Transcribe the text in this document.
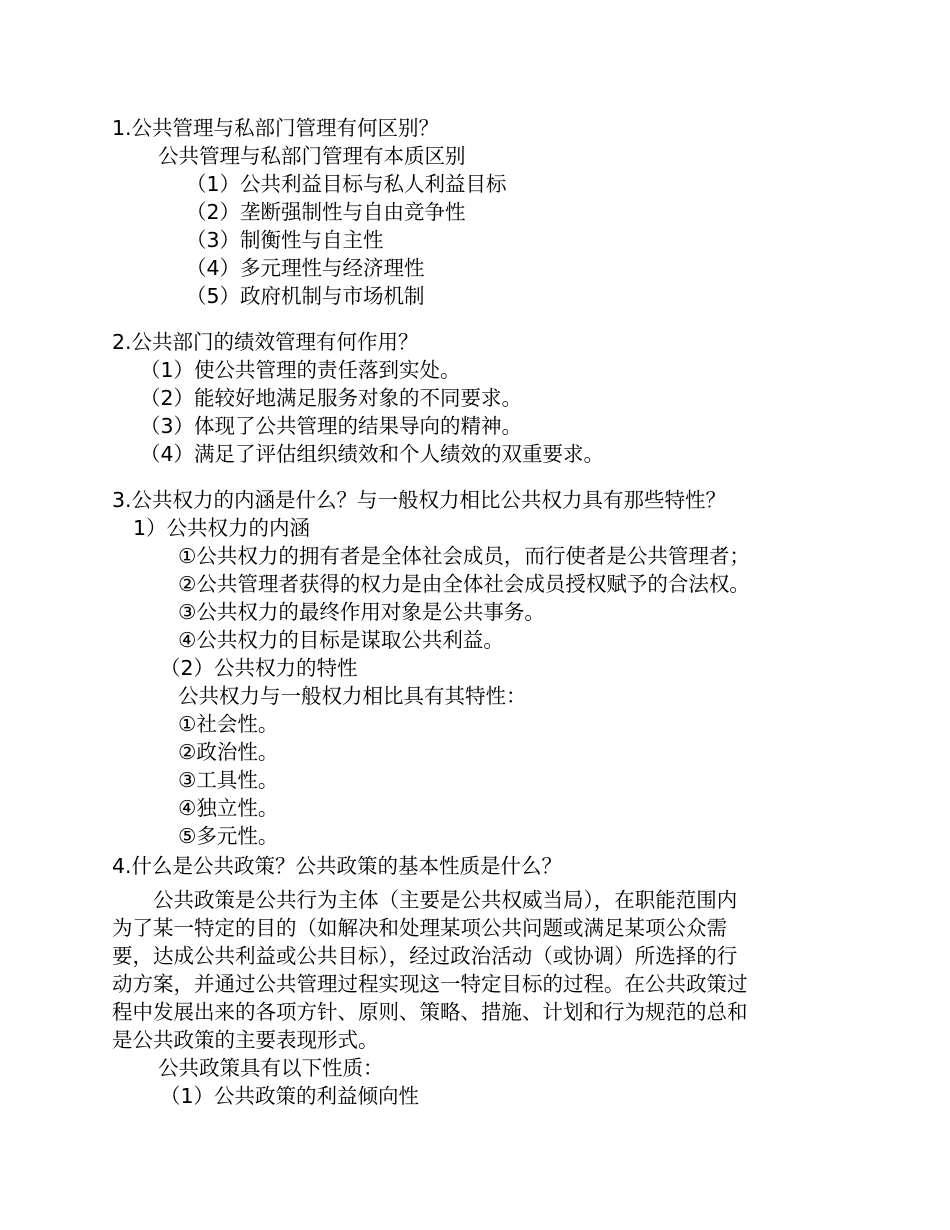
1.公共管理与私部门管理有何区别？
公共管理与私部门管理有本质区别
（1）公共利益目标与私人利益目标
（2）垄断强制性与自由竞争性
（3）制衡性与自主性
（4）多元理性与经济理性
（5）政府机制与市场机制
2.公共部门的绩效管理有何作用？
（1）使公共管理的责任落到实处。
（2）能较好地满足服务对象的不同要求。
（3）体现了公共管理的结果导向的精神。
（4）满足了评估组织绩效和个人绩效的双重要求。
3.公共权力的内涵是什么？与一般权力相比公共权力具有那些特性？
1）公共权力的内涵
①公共权力的拥有者是全体社会成员，而行使者是公共管理者；
②公共管理者获得的权力是由全体社会成员授权赋予的合法权。
③公共权力的最终作用对象是公共事务。
④公共权力的目标是谋取公共利益。
（2）公共权力的特性
公共权力与一般权力相比具有其特性：
①社会性。
②政治性。
③工具性。
④独立性。
⑤多元性。
4.什么是公共政策？公共政策的基本性质是什么？
　　公共政策是公共行为主体（主要是公共权威当局），在职能范围内
为了某一特定的目的（如解决和处理某项公共问题或满足某项公众需
要，达成公共利益或公共目标），经过政治活动（或协调）所选择的行
动方案，并通过公共管理过程实现这一特定目标的过程。在公共政策过
程中发展出来的各项方针、原则、策略、措施、计划和行为规范的总和
是公共政策的主要表现形式。
公共政策具有以下性质：
（1）公共政策的利益倾向性
